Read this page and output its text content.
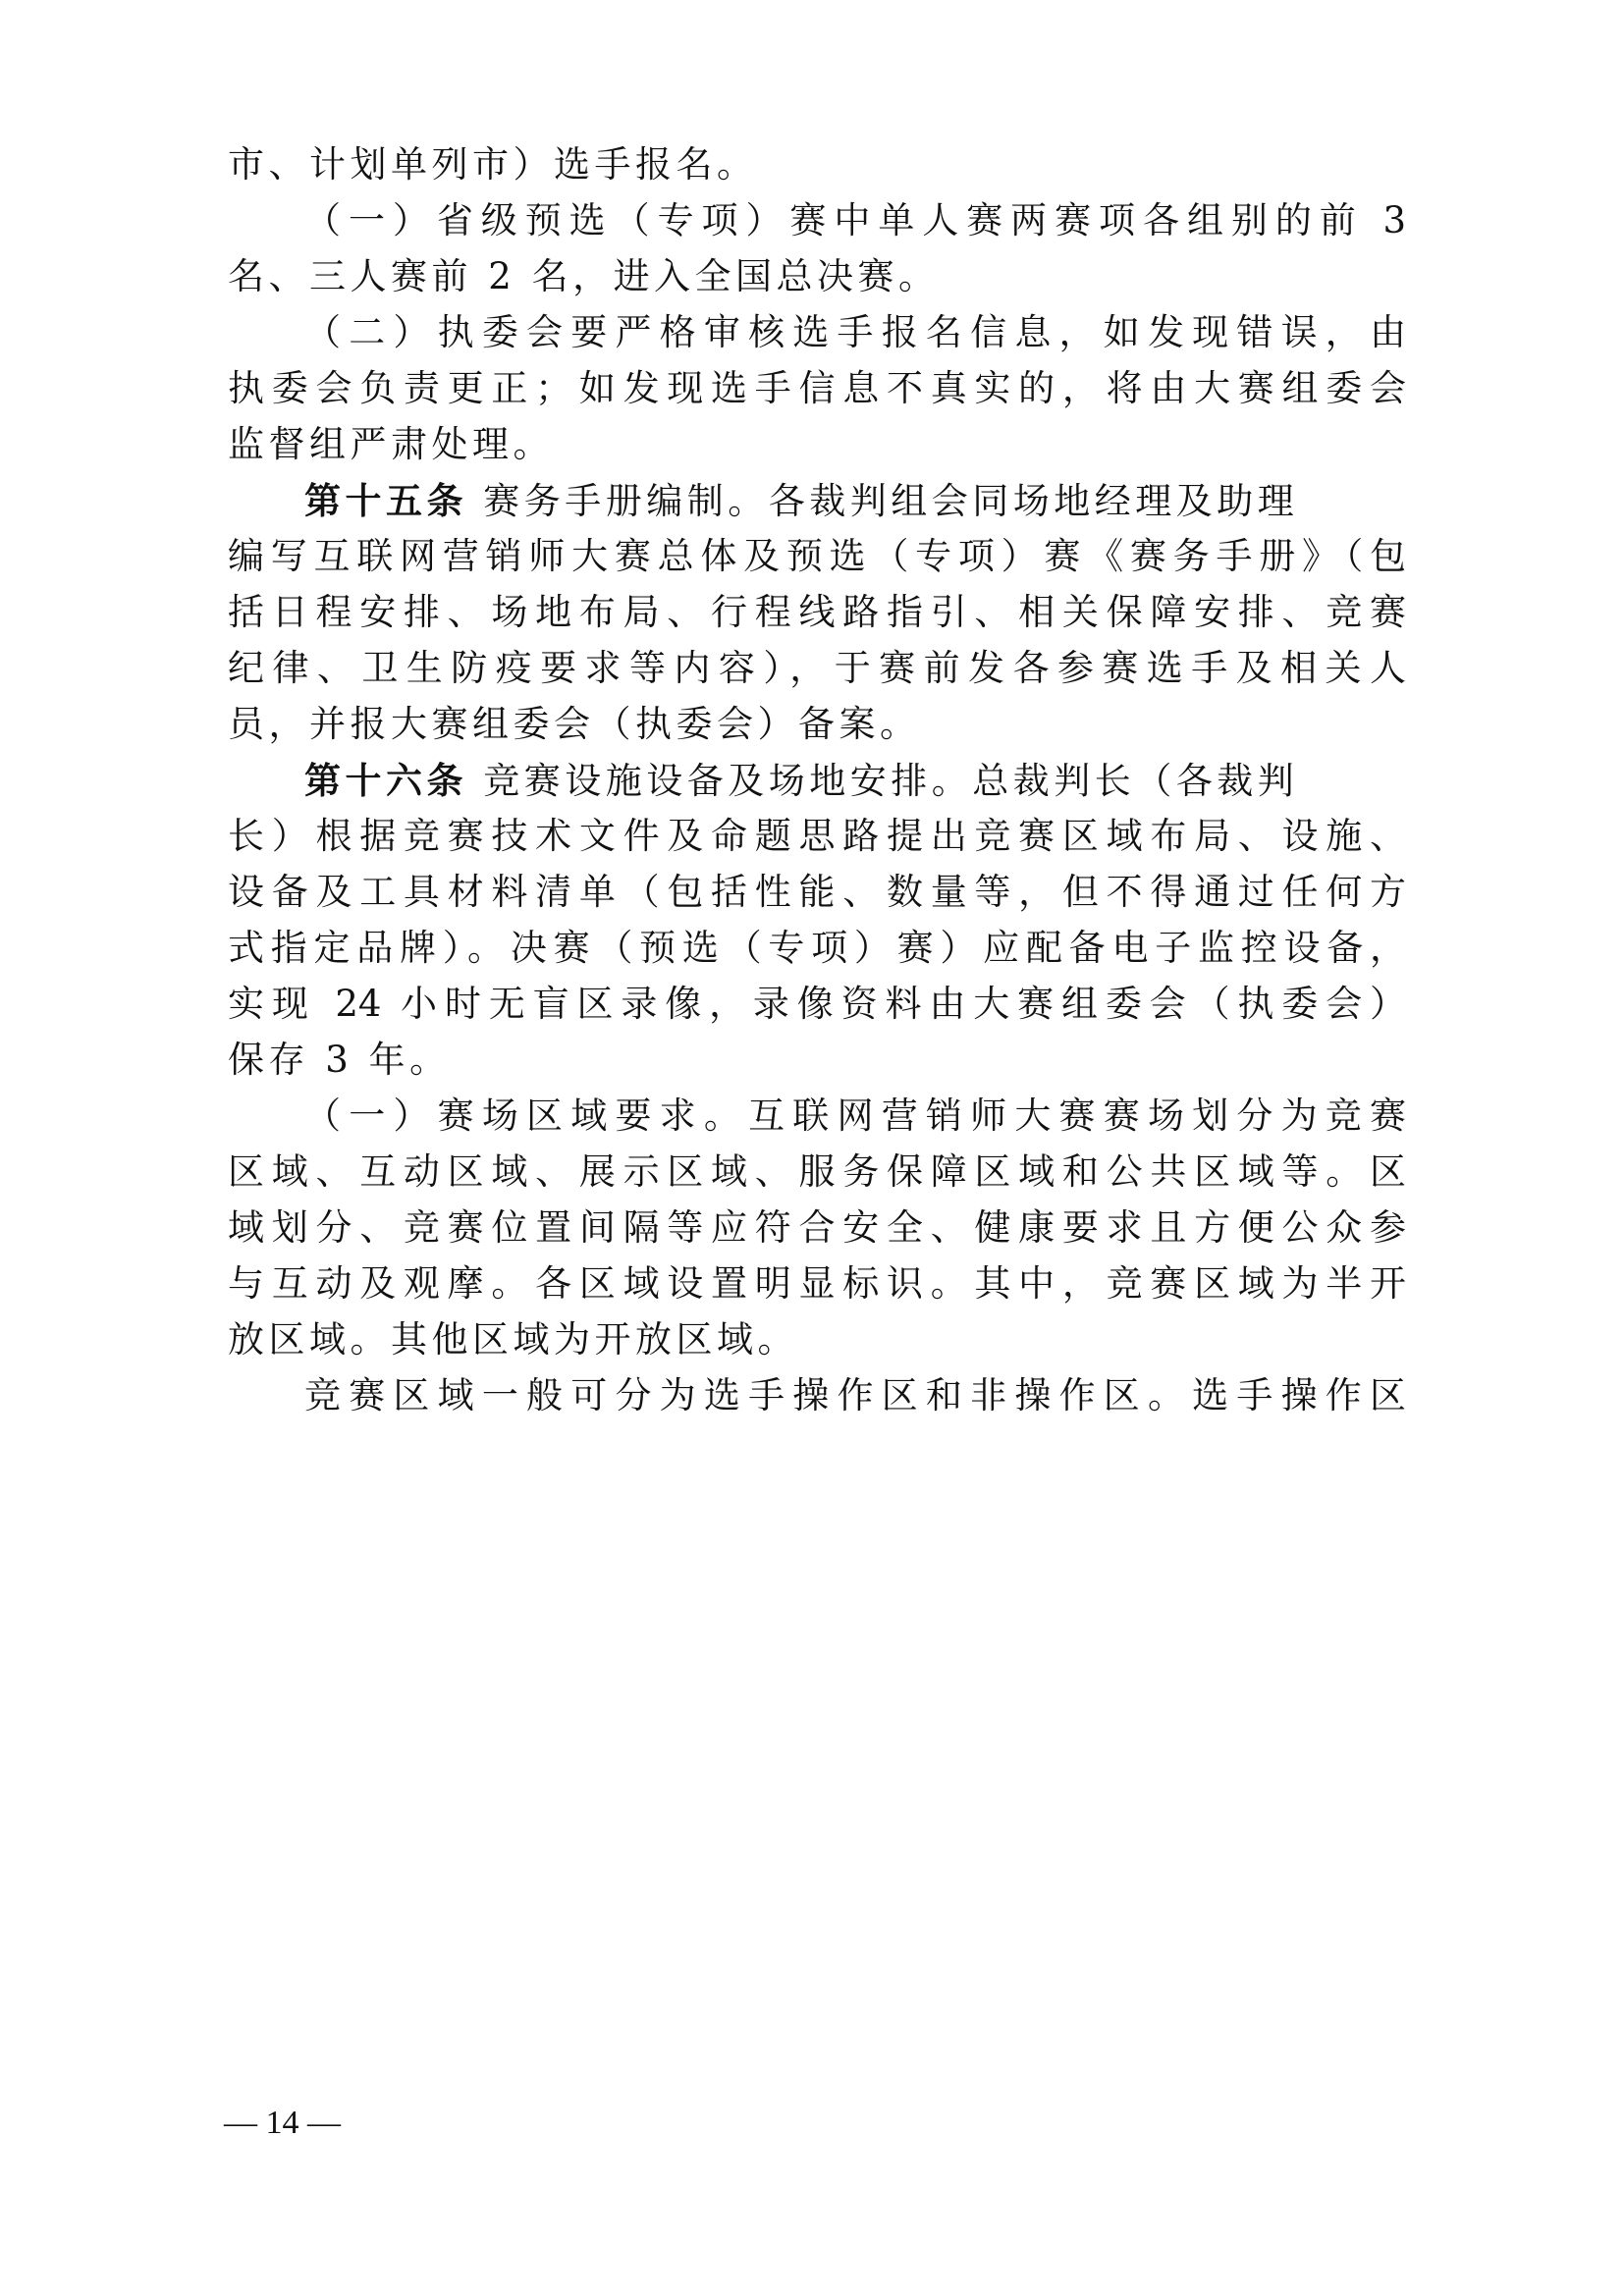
市、计划单列市）选手报名。
（一）省级预选（专项）赛中单人赛两赛项各组别的前 3
名、三人赛前 2 名，进入全国总决赛。
（二）执委会要严格审核选手报名信息，如发现错误，由
执委会负责更正；如发现选手信息不真实的，将由大赛组委会
监督组严肃处理。
第十五条 赛务手册编制。各裁判组会同场地经理及助理
编写互联网营销师大赛总体及预选（专项）赛《赛务手册》（包
括日程安排、场地布局、行程线路指引、相关保障安排、竞赛
纪律、卫生防疫要求等内容），于赛前发各参赛选手及相关人
员，并报大赛组委会（执委会）备案。
第十六条 竞赛设施设备及场地安排。总裁判长（各裁判
长）根据竞赛技术文件及命题思路提出竞赛区域布局、设施、
设备及工具材料清单（包括性能、数量等，但不得通过任何方
式指定品牌）。决赛（预选（专项）赛）应配备电子监控设备，
实现 24 小时无盲区录像，录像资料由大赛组委会（执委会）
保存 3 年。
（一）赛场区域要求。互联网营销师大赛赛场划分为竞赛
区域、互动区域、展示区域、服务保障区域和公共区域等。区
域划分、竞赛位置间隔等应符合安全、健康要求且方便公众参
与互动及观摩。各区域设置明显标识。其中，竞赛区域为半开
放区域。其他区域为开放区域。
竞赛区域一般可分为选手操作区和非操作区。选手操作区
— 14 —
